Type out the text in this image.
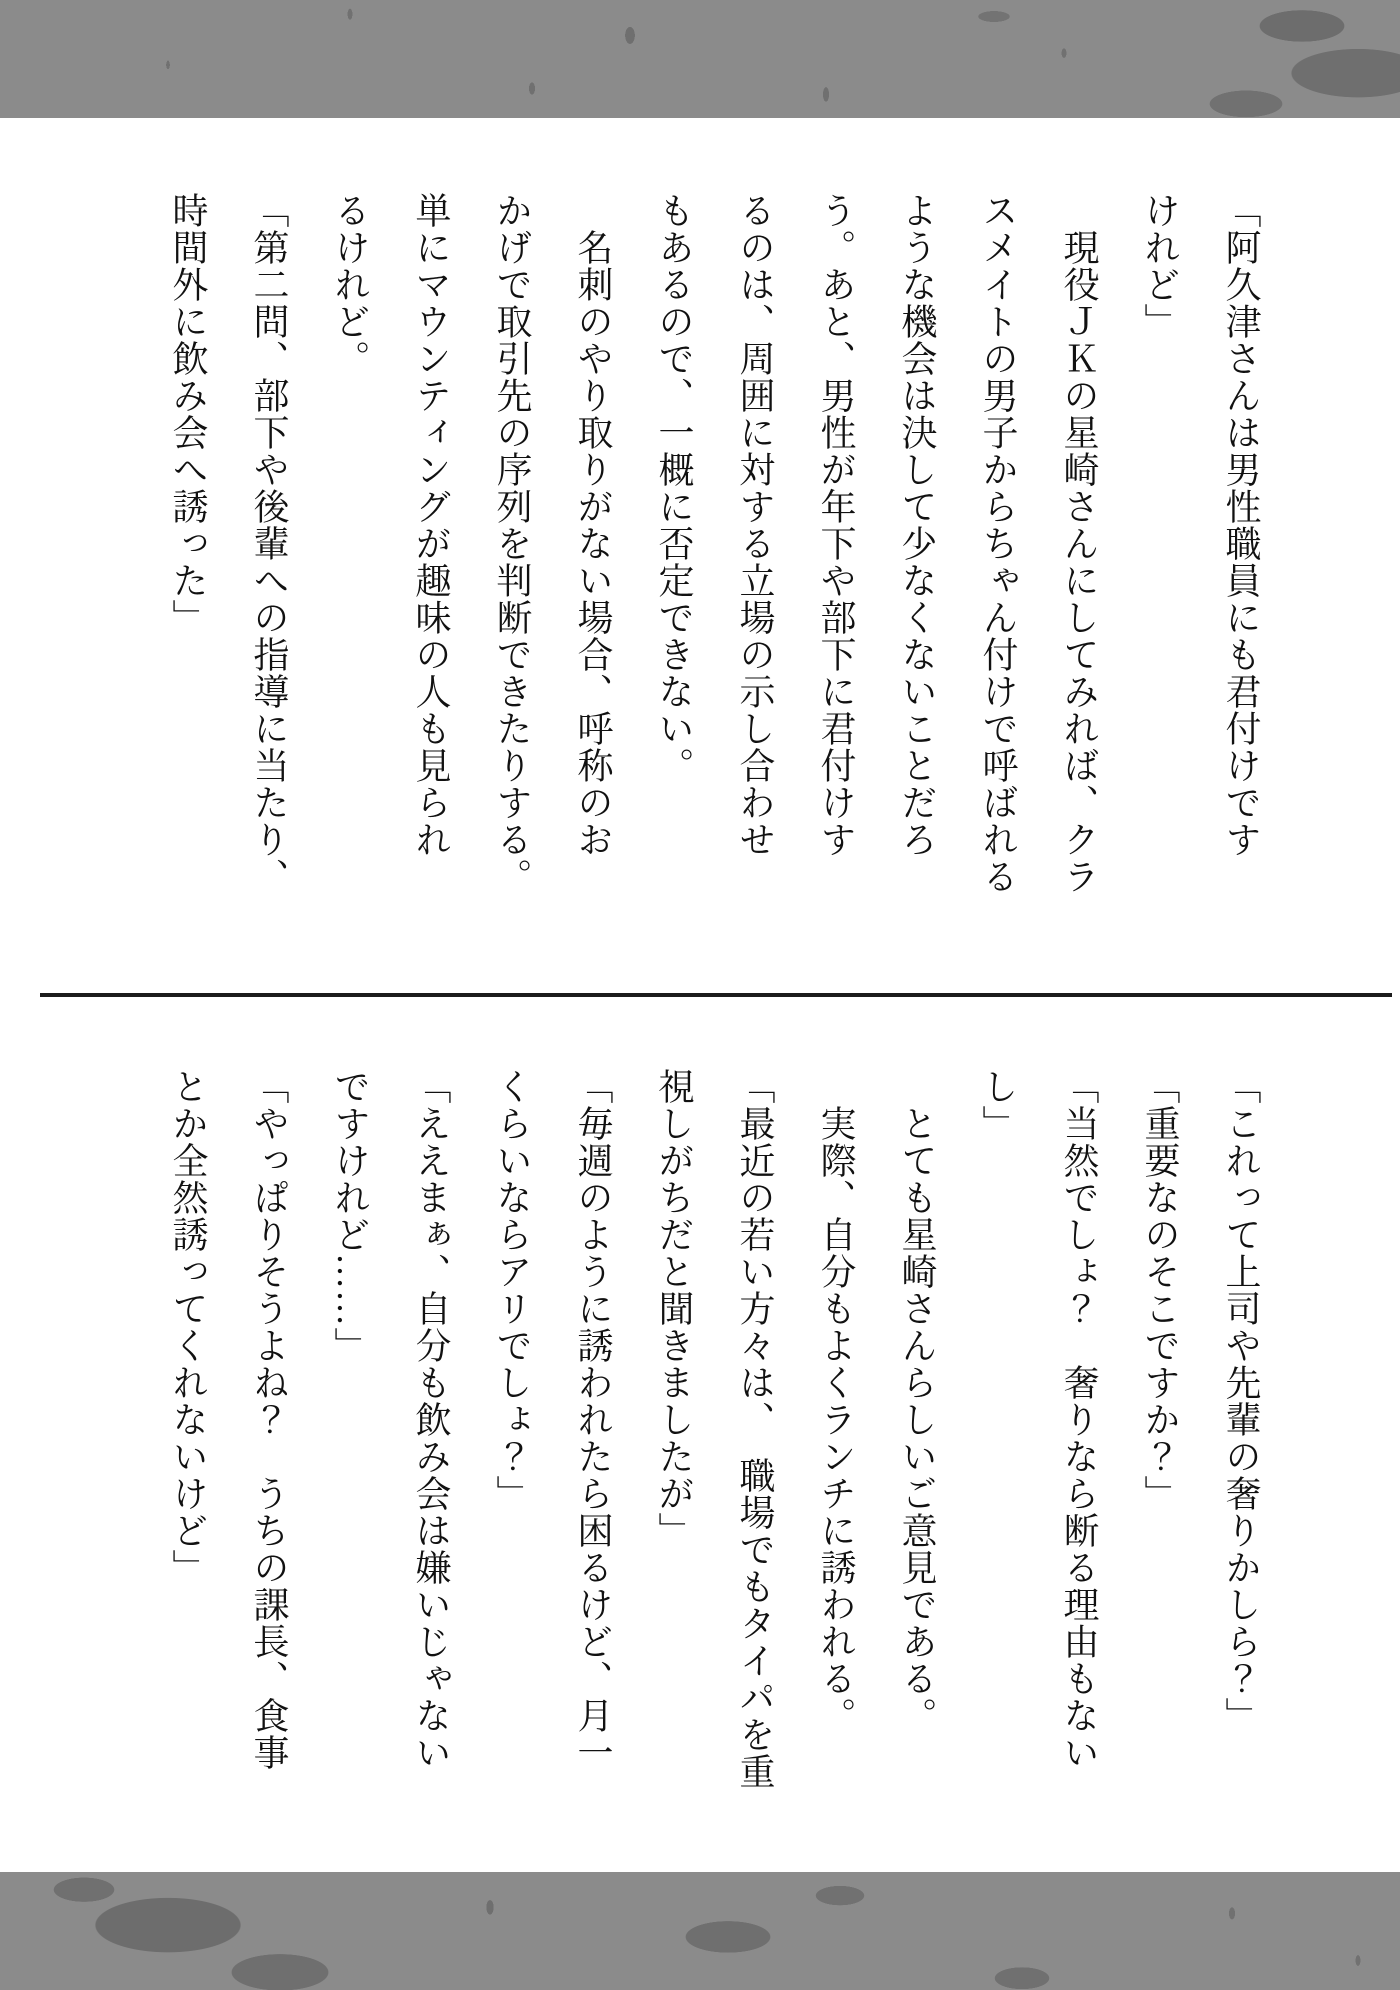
「阿久津さんは男性職員にも君付けです
けれど」
　現役ＪＫの星崎さんにしてみれば、クラ
スメイトの男子からちゃん付けで呼ばれる
ような機会は決して少なくないことだろ
う。あと、男性が年下や部下に君付けす
るのは、周囲に対する立場の示し合わせ
もあるので、一概に否定できない。
　名刺のやり取りがない場合、呼称のお
かげで取引先の序列を判断できたりする。
単にマウンティングが趣味の人も見られ
るけれど。
「第二問、部下や後輩への指導に当たり、
時間外に飲み会へ誘った」
「これって上司や先輩の奢りかしら？」
「重要なのそこですか？」
「当然でしょ？　奢りなら断る理由もない
し」
　とても星崎さんらしいご意見である。
　実際、自分もよくランチに誘われる。
「最近の若い方々は、　職場でもタイパを重
視しがちだと聞きましたが」
「毎週のように誘われたら困るけど、月一
くらいならアリでしょ？」
「ええまぁ、自分も飲み会は嫌いじゃない
ですけれど……」
「やっぱりそうよね？　うちの課長、食事
とか全然誘ってくれないけど」
